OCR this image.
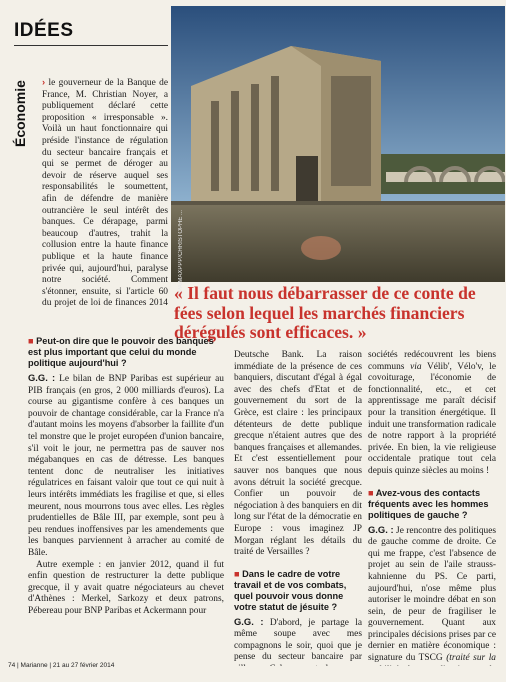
IDÉES
Économie
EPA/MAXPPP/CHRISTOPHE ...
« Il faut nous débarrasser de ce conte de fées selon lequel les marchés financiers dérégulés sont efficaces. »

› le gouverneur de la Banque de France, M. Christian Noyer, a publiquement déclaré cette proposition « irresponsable ». Voilà un haut fonctionnaire qui préside l'instance de régulation du secteur bancaire français et qui se permet de déroger au devoir de réserve auquel ses responsabilités le soumettent, afin de défendre de manière outrancière le seul intérêt des banques. Ce dérapage, parmi beaucoup d'autres, trahit la collusion entre la haute finance publique et la haute finance privée qui, aujourd'hui, paralyse notre société. Comment s'étonner, ensuite, si l'article 60 du projet de loi de finances 2014

■ Peut-on dire que le pouvoir des banques est plus important que celui du monde politique aujourd'hui ?

G.G. : Le bilan de BNP Paribas est supérieur au PIB français (en gros, 2 000 milliards d'euros). La course au gigantisme confère à ces banques un pouvoir de chantage considérable, car la France n'a d'autant moins les moyens d'absorber la faillite d'un tel monstre que le projet européen d'union bancaire, s'il voit le jour, ne permettra pas de sauver nos mégabanques en cas de détresse. Les banques tentent donc de neutraliser les initiatives régulatrices en faisant valoir que tout ce qui nuit à leurs intérêts immédiats les fragilise et que, si elles meurent, nous mourrons tous avec elles. Les règles prudentielles de Bâle III, par exemple, sont peu à peu rendues inoffensives par les amendements que les banques parviennent à arracher au comité de Bâle.

Autre exemple : en janvier 2012, quand il fut enfin question de restructurer la dette publique grecque, il y avait quatre négociateurs au chevet d'Athènes : Merkel, Sarkozy et deux patrons, Pébereau pour BNP Paribas et Ackermann pour

Deutsche Bank. La raison immédiate de la présence de ces banquiers, discutant d'égal à égal avec des chefs d'Etat et de gouvernement du sort de la Grèce, est claire : les principaux détenteurs de dette publique grecque n'étaient autres que des banques françaises et allemandes. Et c'est essentiellement pour sauver nos banques que nous avons détruit la société grecque. Confier un pouvoir de négociation à des banquiers en dit long sur l'état de la démocratie en Europe : vous imaginez JP Morgan réglant les détails du traité de Versailles ?

■ Dans le cadre de votre travail et de vos combats, quel pouvoir vous donne votre statut de jésuite ?

G.G. : D'abord, je partage la même soupe avec mes compagnons le soir, quoi que je pense du secteur bancaire par

sociétés redécouvrent les biens communs via Vélib', Vélo'v, le covoiturage, l'économie de fonctionnalité, etc., et cet apprentissage me paraît décisif pour la transition énergétique. Il induit une transformation radicale de notre rapport à la propriété privée. En bien, la vie religieuse occidentale pratique tout cela depuis quinze siècles au moins !

■ Avez-vous des contacts fréquents avec les hommes politiques de gauche ?

G.G. : Je rencontre des politiques de gauche comme de droite. Ce qui me frappe, c'est l'absence de projet au sein de l'aile strauss-kahnienne du PS. Ce parti, aujourd'hui, n'ose même plus autoriser le moindre débat en son sein, de peur de fragiliser le gouvernement. Quant aux principales décisions prises par ce dernier en matière économique : signature du TSCG (traité sur la

74 | Marianne | 21 au 27 février 2014
